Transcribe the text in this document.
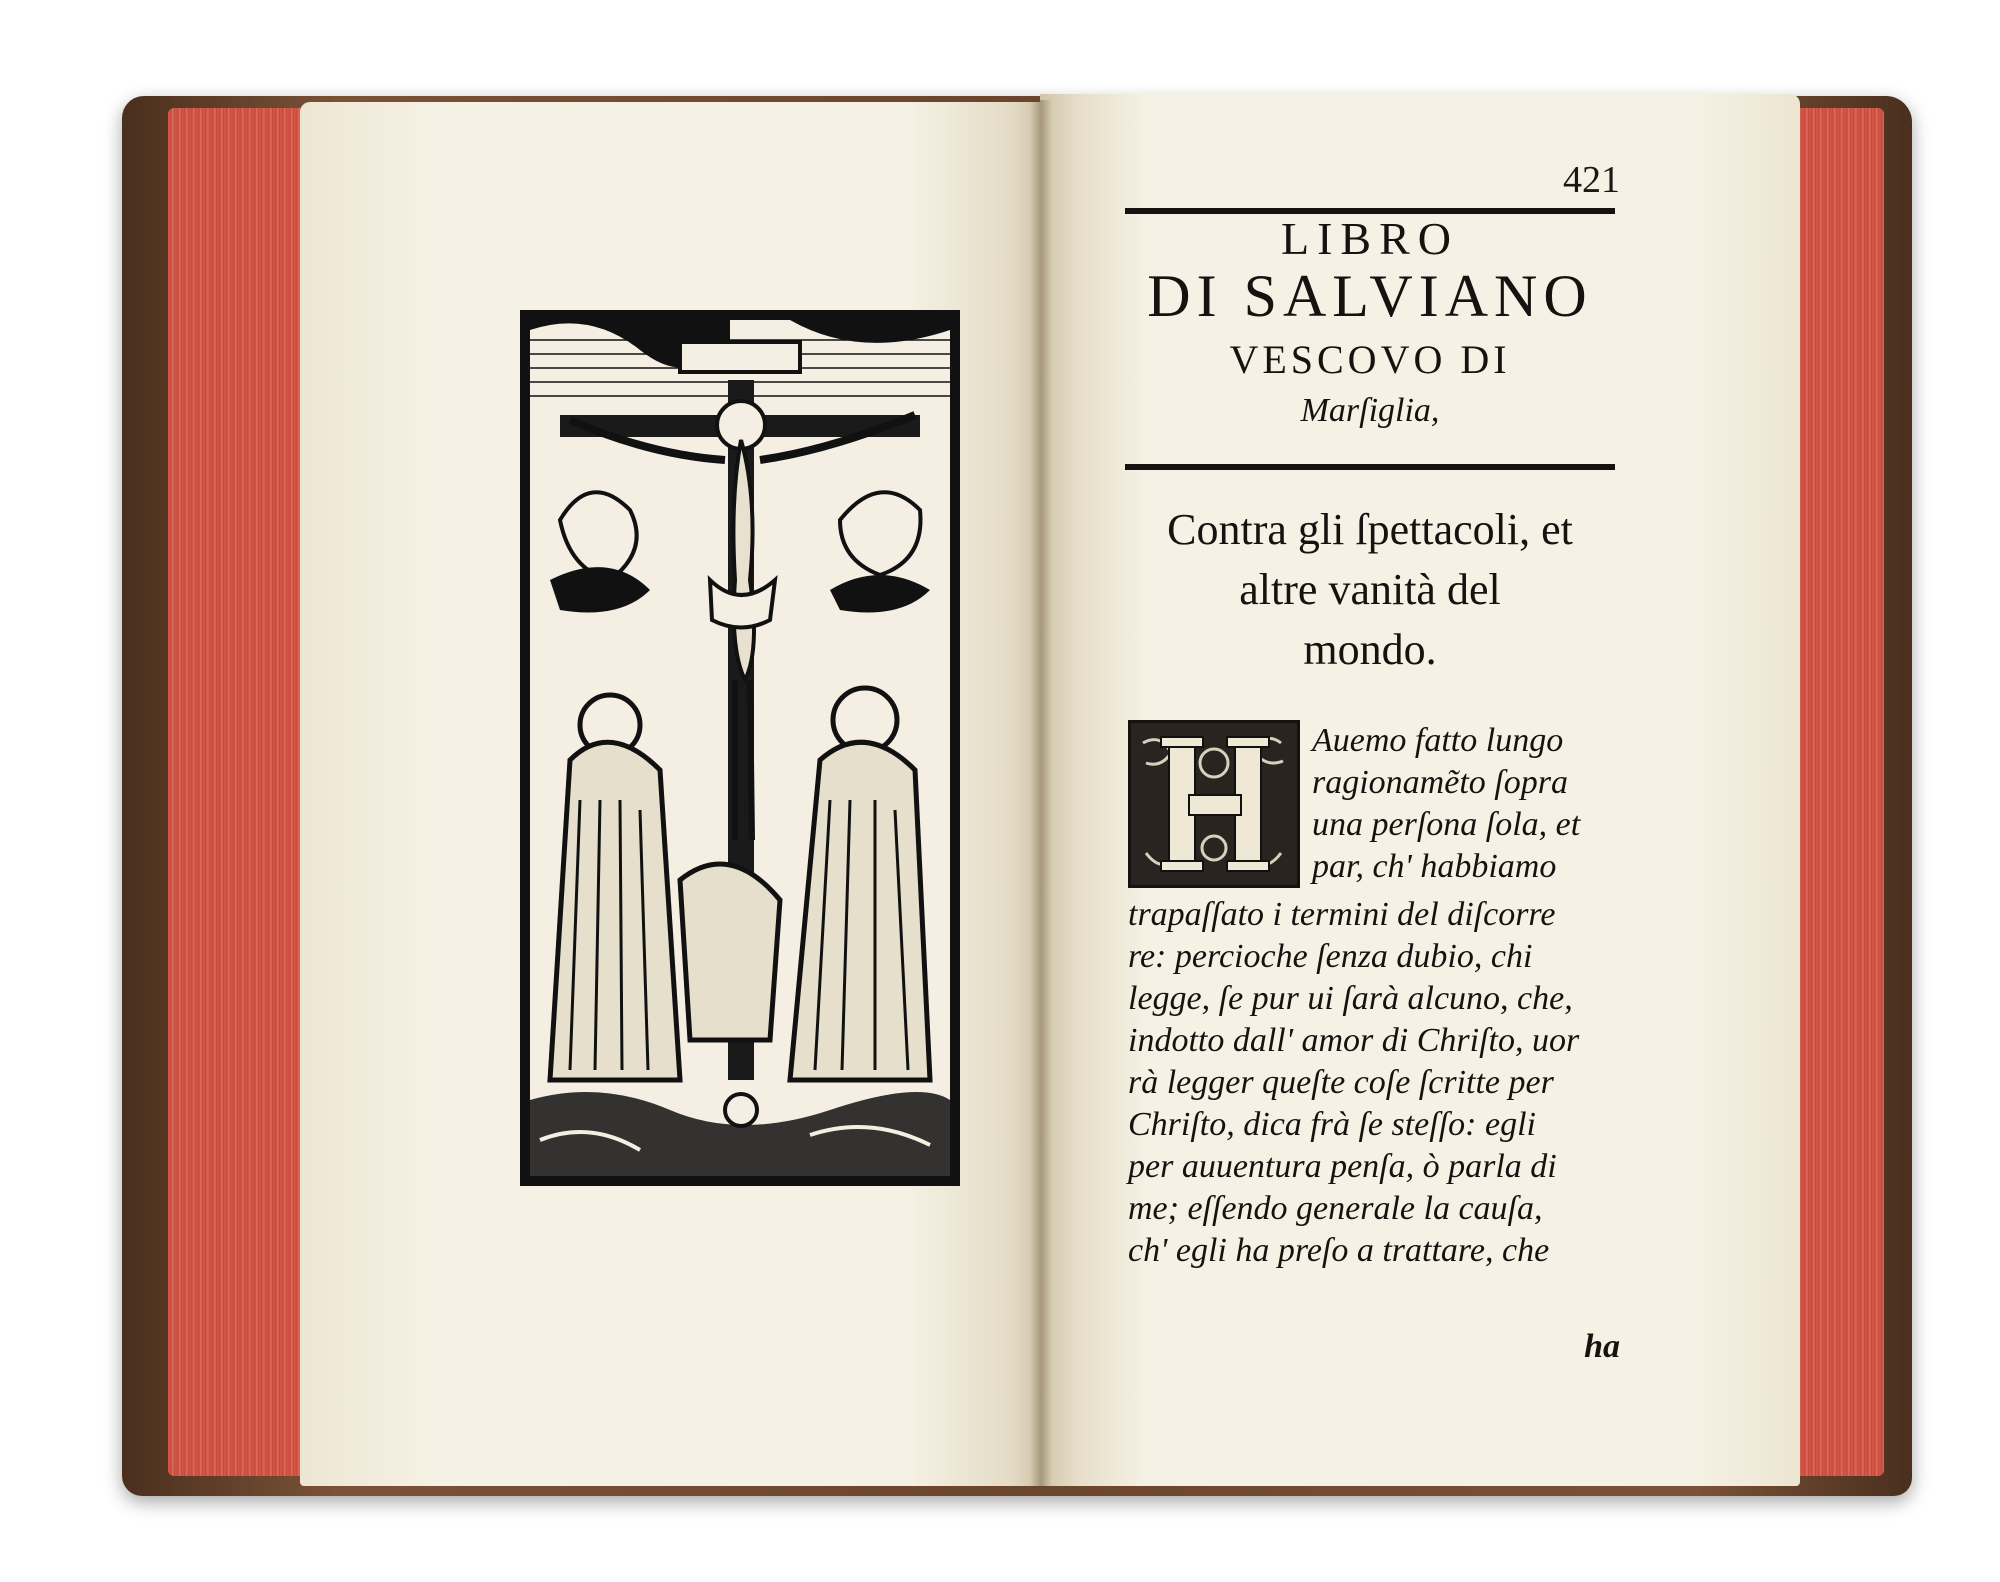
421
LIBRO
DI SALVIANO
VESCOVO DI
Marſiglia,
Contra gli ſpettacoli, et
altre vanità del
mondo.
Auemo fatto lungo
ragionamẽto ſopra
una perſona ſola, et
par, ch' habbiamo
trapaſſato i termini del diſcorre
re: percioche ſenza dubio, chi
legge, ſe pur ui ſarà alcuno, che,
indotto dall' amor di Chriſto, uor
rà legger queſte coſe ſcritte per
Chriſto, dica frà ſe steſſo: egli
per auuentura penſa, ò parla di
me; eſſendo generale la cauſa,
ch' egli ha preſo a trattare, che
ha
